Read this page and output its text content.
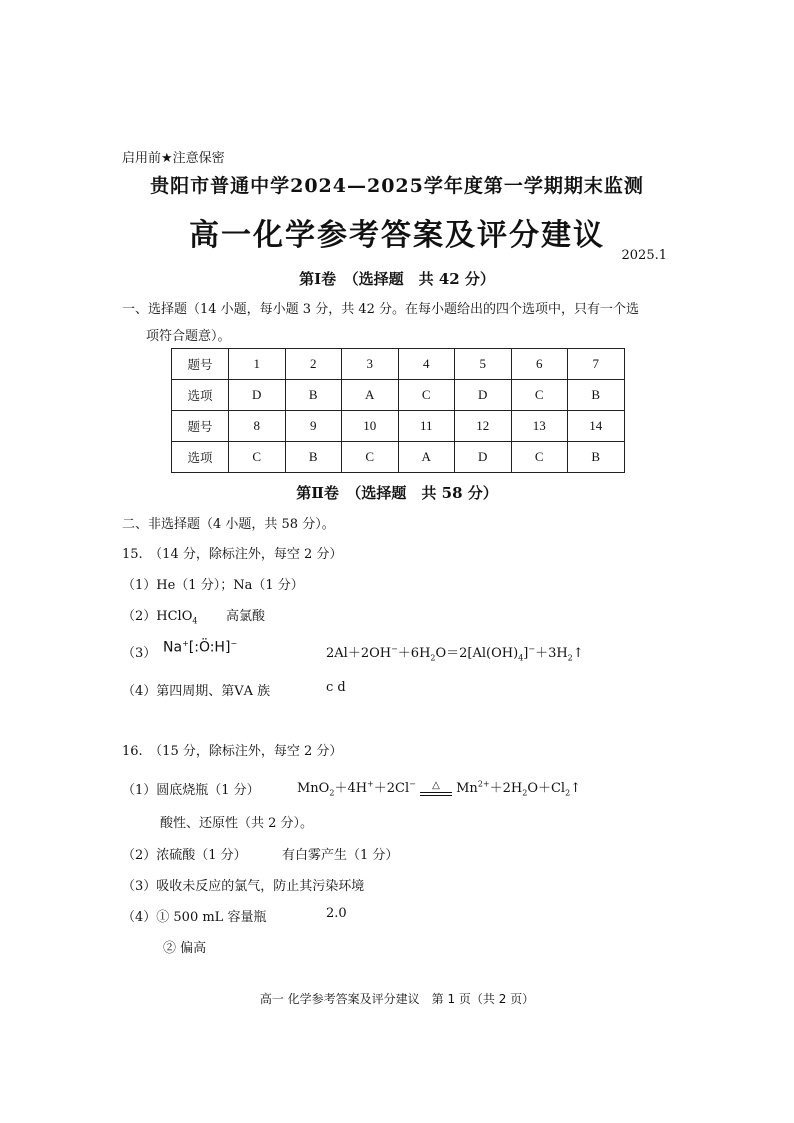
启用前★注意保密
贵阳市普通中学2024—2025学年度第一学期期末监测
高一化学参考答案及评分建议
2025.1
第Ⅰ卷　（选择题　共 42 分）
一、选择题（14 小题，每小题 3 分，共 42 分。在每小题给出的四个选项中，只有一个选
项符合题意）。
题号	1	2	3	4	5	6	7
选项	D	B	A	C	D	C	B
题号	8	9	10	11	12	13	14
选项	C	B	C	A	D	C	B
第Ⅱ卷　（选择题　共 58 分）
二、非选择题（4 小题，共 58 分）。
15.　（14 分，除标注外，每空 2 分）
（1）He（1 分）；Na（1 分）
（2）HClO$_4$ 高氯酸
（3） Na+[:Ö:H]−
$2Al+2OH^-+6H_2O=2[Al(OH)_4]^-+3H_2↑$
（4）第四周期、第ⅤA 族	c d
16.　（15 分，除标注外，每空 2 分）
（1）圆底烧瓶（1 分）	MnO$_2$＋4H+＋2Cl−	△	$Mn^{2+}+2H_2O+Cl_2↑$
酸性、还原性（共 2 分）。
（2）浓硫酸（1 分）	有白雾产生（1 分）
（3）吸收未反应的氯气，防止其污染环境
（4）① 500 mL 容量瓶	2.0
② 偏高
高一 化学参考答案及评分建议　第 1 页（共 2 页）
